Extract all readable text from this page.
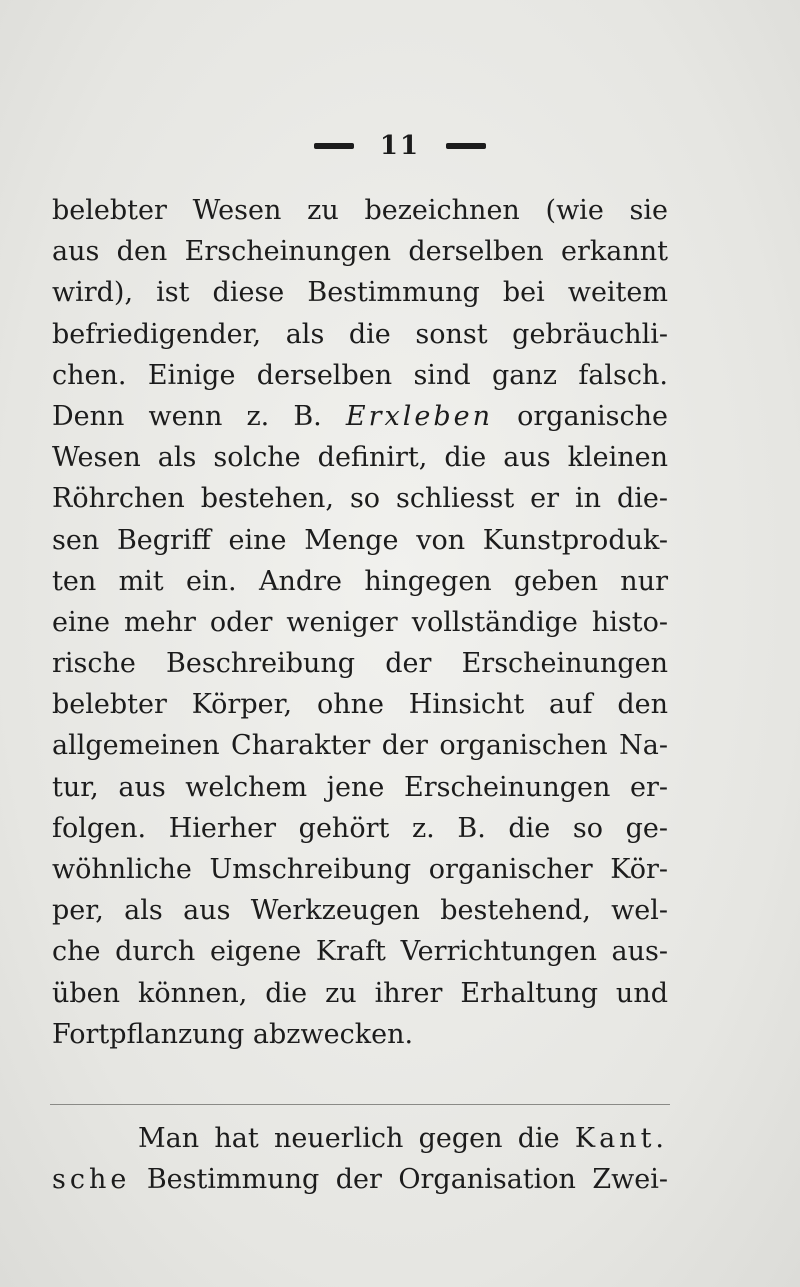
11
belebter Wesen zu bezeichnen (wie sie
aus den Erscheinungen derselben erkannt
wird), ist diese Bestimmung bei weitem
befriedigender, als die sonst gebräuchli-
chen. Einige derselben sind ganz falsch.
Denn wenn z. B. Erxleben organische
Wesen als solche definirt, die aus kleinen
Röhrchen bestehen, so schliesst er in die-
sen Begriff eine Menge von Kunstproduk-
ten mit ein. Andre hingegen geben nur
eine mehr oder weniger vollständige histo-
rische Beschreibung der Erscheinungen
belebter Körper, ohne Hinsicht auf den
allgemeinen Charakter der organischen Na-
tur, aus welchem jene Erscheinungen er-
folgen. Hierher gehört z. B. die so ge-
wöhnliche Umschreibung organischer Kör-
per, als aus Werkzeugen bestehend, wel-
che durch eigene Kraft Verrichtungen aus-
üben können, die zu ihrer Erhaltung und
Fortpflanzung abzwecken.
Man hat neuerlich gegen die Kant.
sche Bestimmung der Organisation Zwei-
